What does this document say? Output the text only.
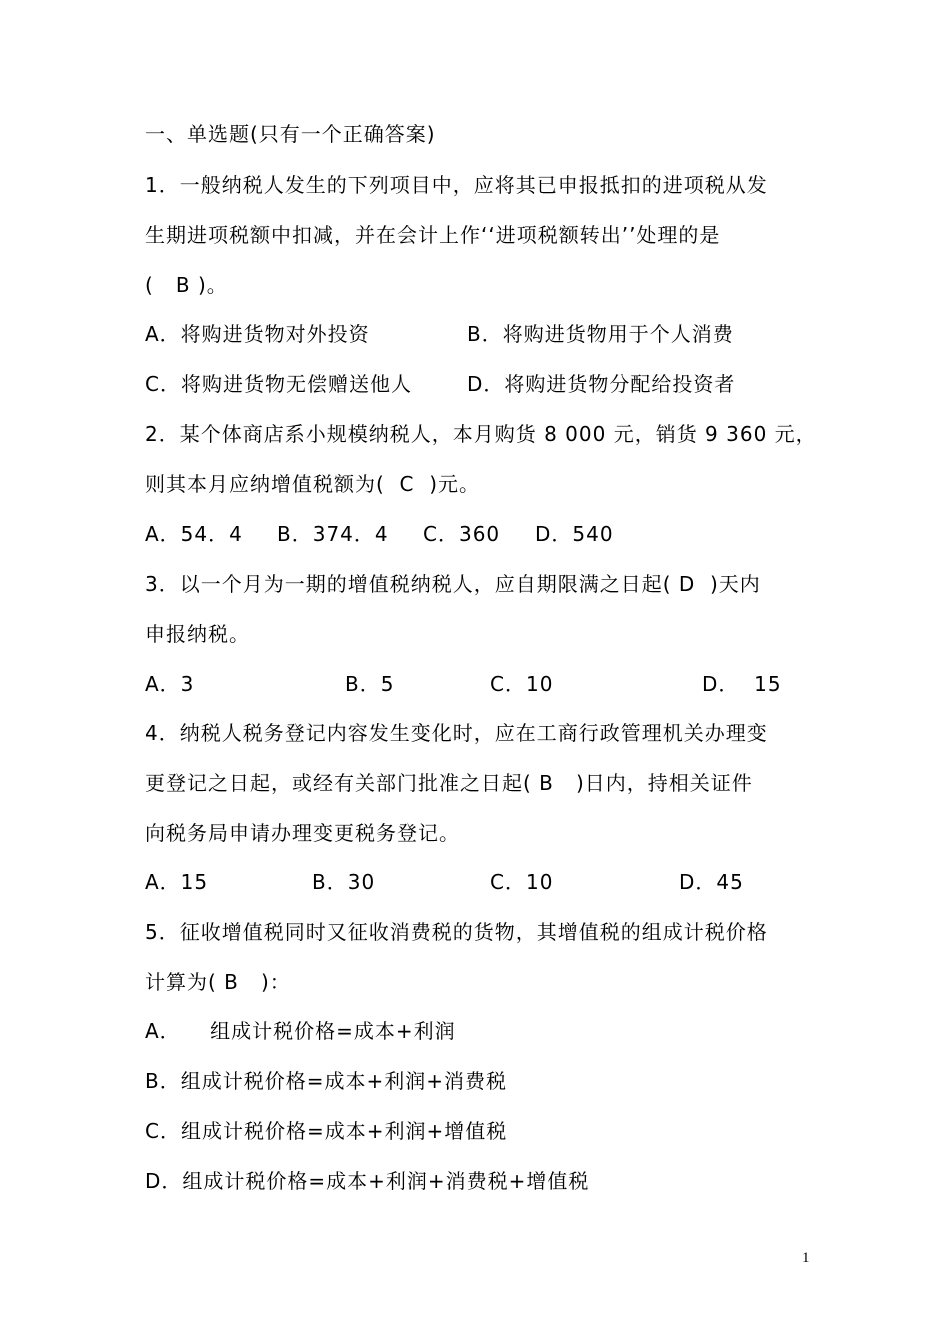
一、单选题(只有一个正确答案)
1．一般纳税人发生的下列项目中，应将其已申报抵扣的进项税从发
生期进项税额中扣减，并在会计上作‘‘进项税额转出’’处理的是
(   B )。
A．将购进货物对外投资	B．将购进货物用于个人消费
C．将购进货物无偿赠送他人	D．将购进货物分配给投资者
2．某个体商店系小规模纳税人，本月购货 8 000 元，销货 9 360 元，
则其本月应纳增值税额为(  C  )元。
A．54．4 B．374．4 C．360 D．540
3．以一个月为一期的增值税纳税人，应自期限满之日起( D  )天内
申报纳税。
A．3	B．5	C．10	D．  15
4．纳税人税务登记内容发生变化时，应在工商行政管理机关办理变
更登记之日起，或经有关部门批准之日起( B   )日内，持相关证件
向税务局申请办理变更税务登记。
A．15	B．30	C．10	D．45
5．征收增值税同时又征收消费税的货物，其增值税的组成计税价格
计算为( B   )：
A．    组成计税价格=成本+利润
B．组成计税价格=成本+利润+消费税
C．组成计税价格=成本+利润+增值税
D．组成计税价格=成本+利润+消费税+增值税
1
